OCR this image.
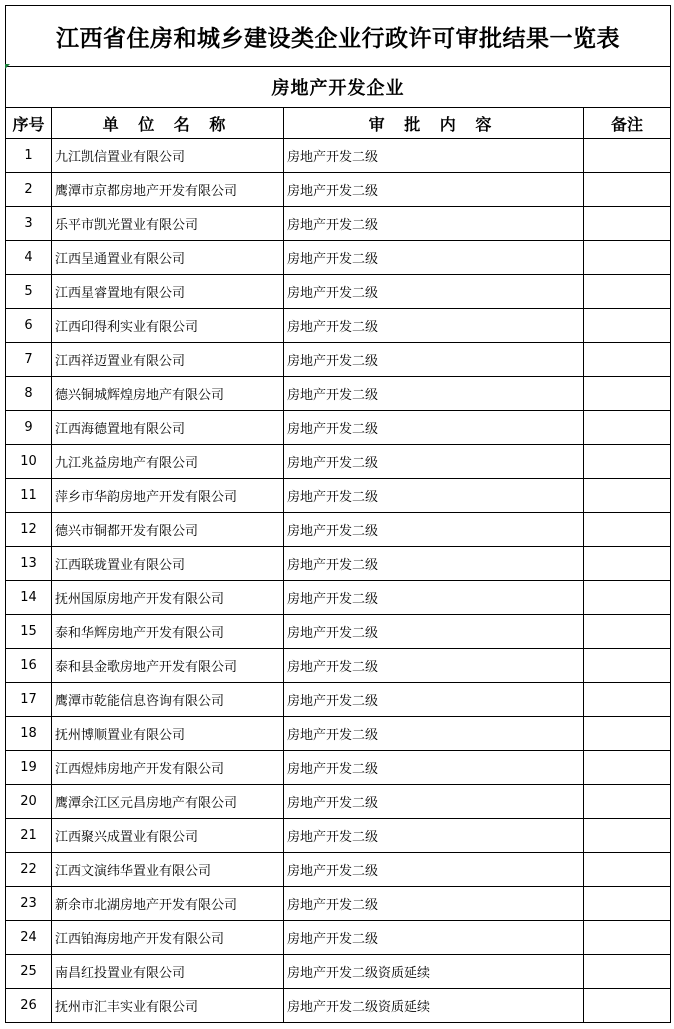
江西省住房和城乡建设类企业行政许可审批结果一览表			
房地产开发企业			
序号	单 位 名 称	审 批 内 容	备注
1	九江凯信置业有限公司	房地产开发二级	
2	鹰潭市京都房地产开发有限公司	房地产开发二级	
3	乐平市凯光置业有限公司	房地产开发二级	
4	江西呈通置业有限公司	房地产开发二级	
5	江西星睿置地有限公司	房地产开发二级	
6	江西印得利实业有限公司	房地产开发二级	
7	江西祥迈置业有限公司	房地产开发二级	
8	德兴铜城辉煌房地产有限公司	房地产开发二级	
9	江西海德置地有限公司	房地产开发二级	
10	九江兆益房地产有限公司	房地产开发二级	
11	萍乡市华韵房地产开发有限公司	房地产开发二级	
12	德兴市铜都开发有限公司	房地产开发二级	
13	江西联珑置业有限公司	房地产开发二级	
14	抚州国原房地产开发有限公司	房地产开发二级	
15	泰和华辉房地产开发有限公司	房地产开发二级	
16	泰和县金歌房地产开发有限公司	房地产开发二级	
17	鹰潭市乾能信息咨询有限公司	房地产开发二级	
18	抚州博顺置业有限公司	房地产开发二级	
19	江西煜炜房地产开发有限公司	房地产开发二级	
20	鹰潭余江区元昌房地产有限公司	房地产开发二级	
21	江西聚兴成置业有限公司	房地产开发二级	
22	江西文演纬华置业有限公司	房地产开发二级	
23	新余市北湖房地产开发有限公司	房地产开发二级	
24	江西铂海房地产开发有限公司	房地产开发二级	
25	南昌红投置业有限公司	房地产开发二级资质延续	
26	抚州市汇丰实业有限公司	房地产开发二级资质延续	
